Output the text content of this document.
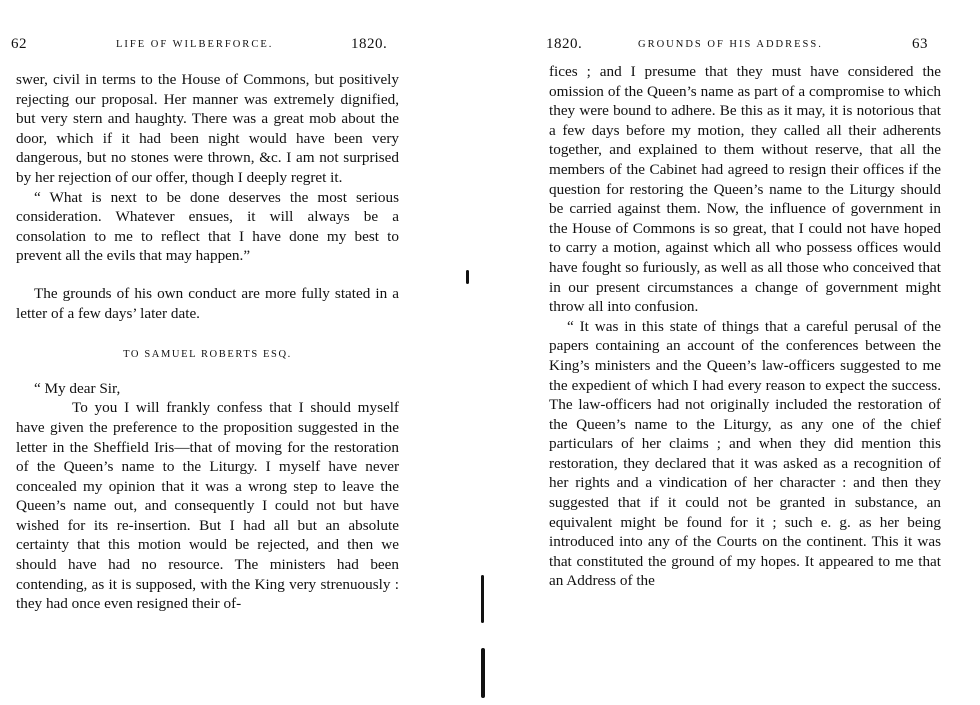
62	LIFE OF WILBERFORCE.	1820.

swer, civil in terms to the House of Commons, but positively rejecting our proposal. Her manner was extremely dignified, but very stern and haughty. There was a great mob about the door, which if it had been night would have been very dangerous, but no stones were thrown, &c. I am not surprised by her rejection of our offer, though I deeply regret it.

“ What is next to be done deserves the most serious consideration. Whatever ensues, it will always be a consolation to me to reflect that I have done my best to prevent all the evils that may happen.”

The grounds of his own conduct are more fully stated in a letter of a few days’ later date.

TO SAMUEL ROBERTS ESQ.

“ My dear Sir,

To you I will frankly confess that I should myself have given the preference to the proposition suggested in the letter in the Sheffield Iris—that of moving for the restoration of the Queen’s name to the Liturgy. I myself have never concealed my opinion that it was a wrong step to leave the Queen’s name out, and consequently I could not but have wished for its re-insertion. But I had all but an absolute certainty that this motion would be rejected, and then we should have had no resource. The ministers had been contending, as it is supposed, with the King very strenuously : they had once even resigned their of-

1820.	GROUNDS OF HIS ADDRESS.	63

fices ; and I presume that they must have considered the omission of the Queen’s name as part of a compromise to which they were bound to adhere. Be this as it may, it is notorious that a few days before my motion, they called all their adherents together, and explained to them without reserve, that all the members of the Cabinet had agreed to resign their offices if the question for restoring the Queen’s name to the Liturgy should be carried against them. Now, the influence of government in the House of Commons is so great, that I could not have hoped to carry a motion, against which all who possess offices would have fought so furiously, as well as all those who conceived that in our present circumstances a change of government might throw all into confusion.

“ It was in this state of things that a careful perusal of the papers containing an account of the conferences between the King’s ministers and the Queen’s law-officers suggested to me the expedient of which I had every reason to expect the success. The law-officers had not originally included the restoration of the Queen’s name to the Liturgy, as any one of the chief particulars of her claims ; and when they did mention this restoration, they declared that it was asked as a recognition of her rights and a vindication of her character : and then they suggested that if it could not be granted in substance, an equivalent might be found for it ; such e. g. as her being introduced into any of the Courts on the continent. This it was that constituted the ground of my hopes. It appeared to me that an Address of the
